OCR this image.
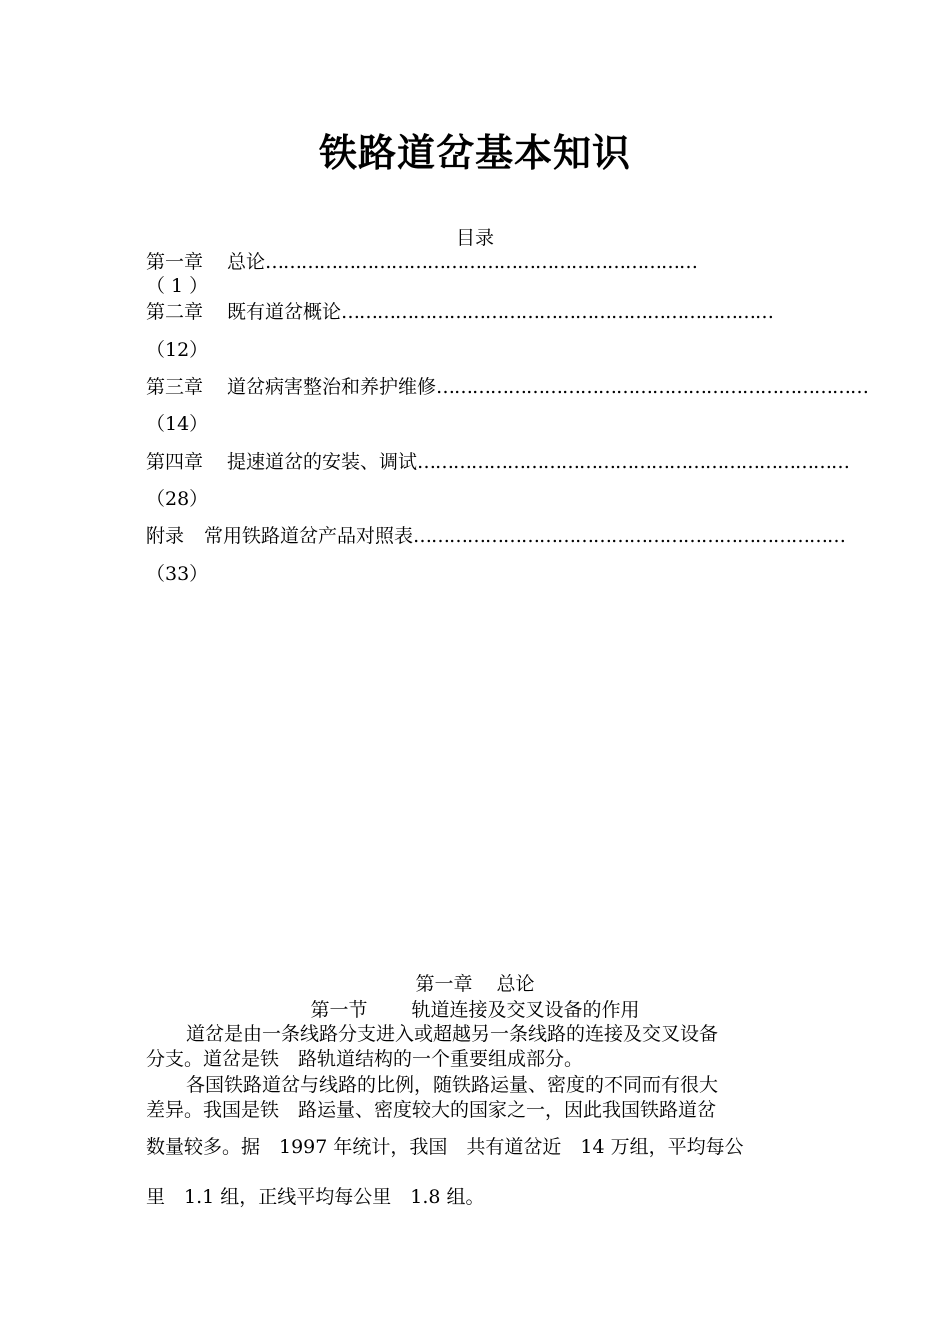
铁路道岔基本知识
目录
第一章 总论 ………………………………………………………………
（ 1 ）
第二章 既有道岔概论 ………………………………………………………………
（12）
第三章 道岔病害整治和养护维修 ………………………………………………………………
（14）
第四章 提速道岔的安装、调试 ………………………………………………………………
（28）
附录 常用铁路道岔产品对照表 ………………………………………………………………
（33）
第一章 总论
第一节 轨道连接及交叉设备的作用
道岔是由一条线路分支进入或超越另一条线路的连接及交叉设备
分支。道岔是铁　路轨道结构的一个重要组成部分。
各国铁路道岔与线路的比例，随铁路运量、密度的不同而有很大
差异。我国是铁　路运量、密度较大的国家之一，因此我国铁路道岔
数量较多。据　1997 年统计，我国　共有道岔近　14 万组，平均每公
里　1.1 组，正线平均每公里　1.8 组。
